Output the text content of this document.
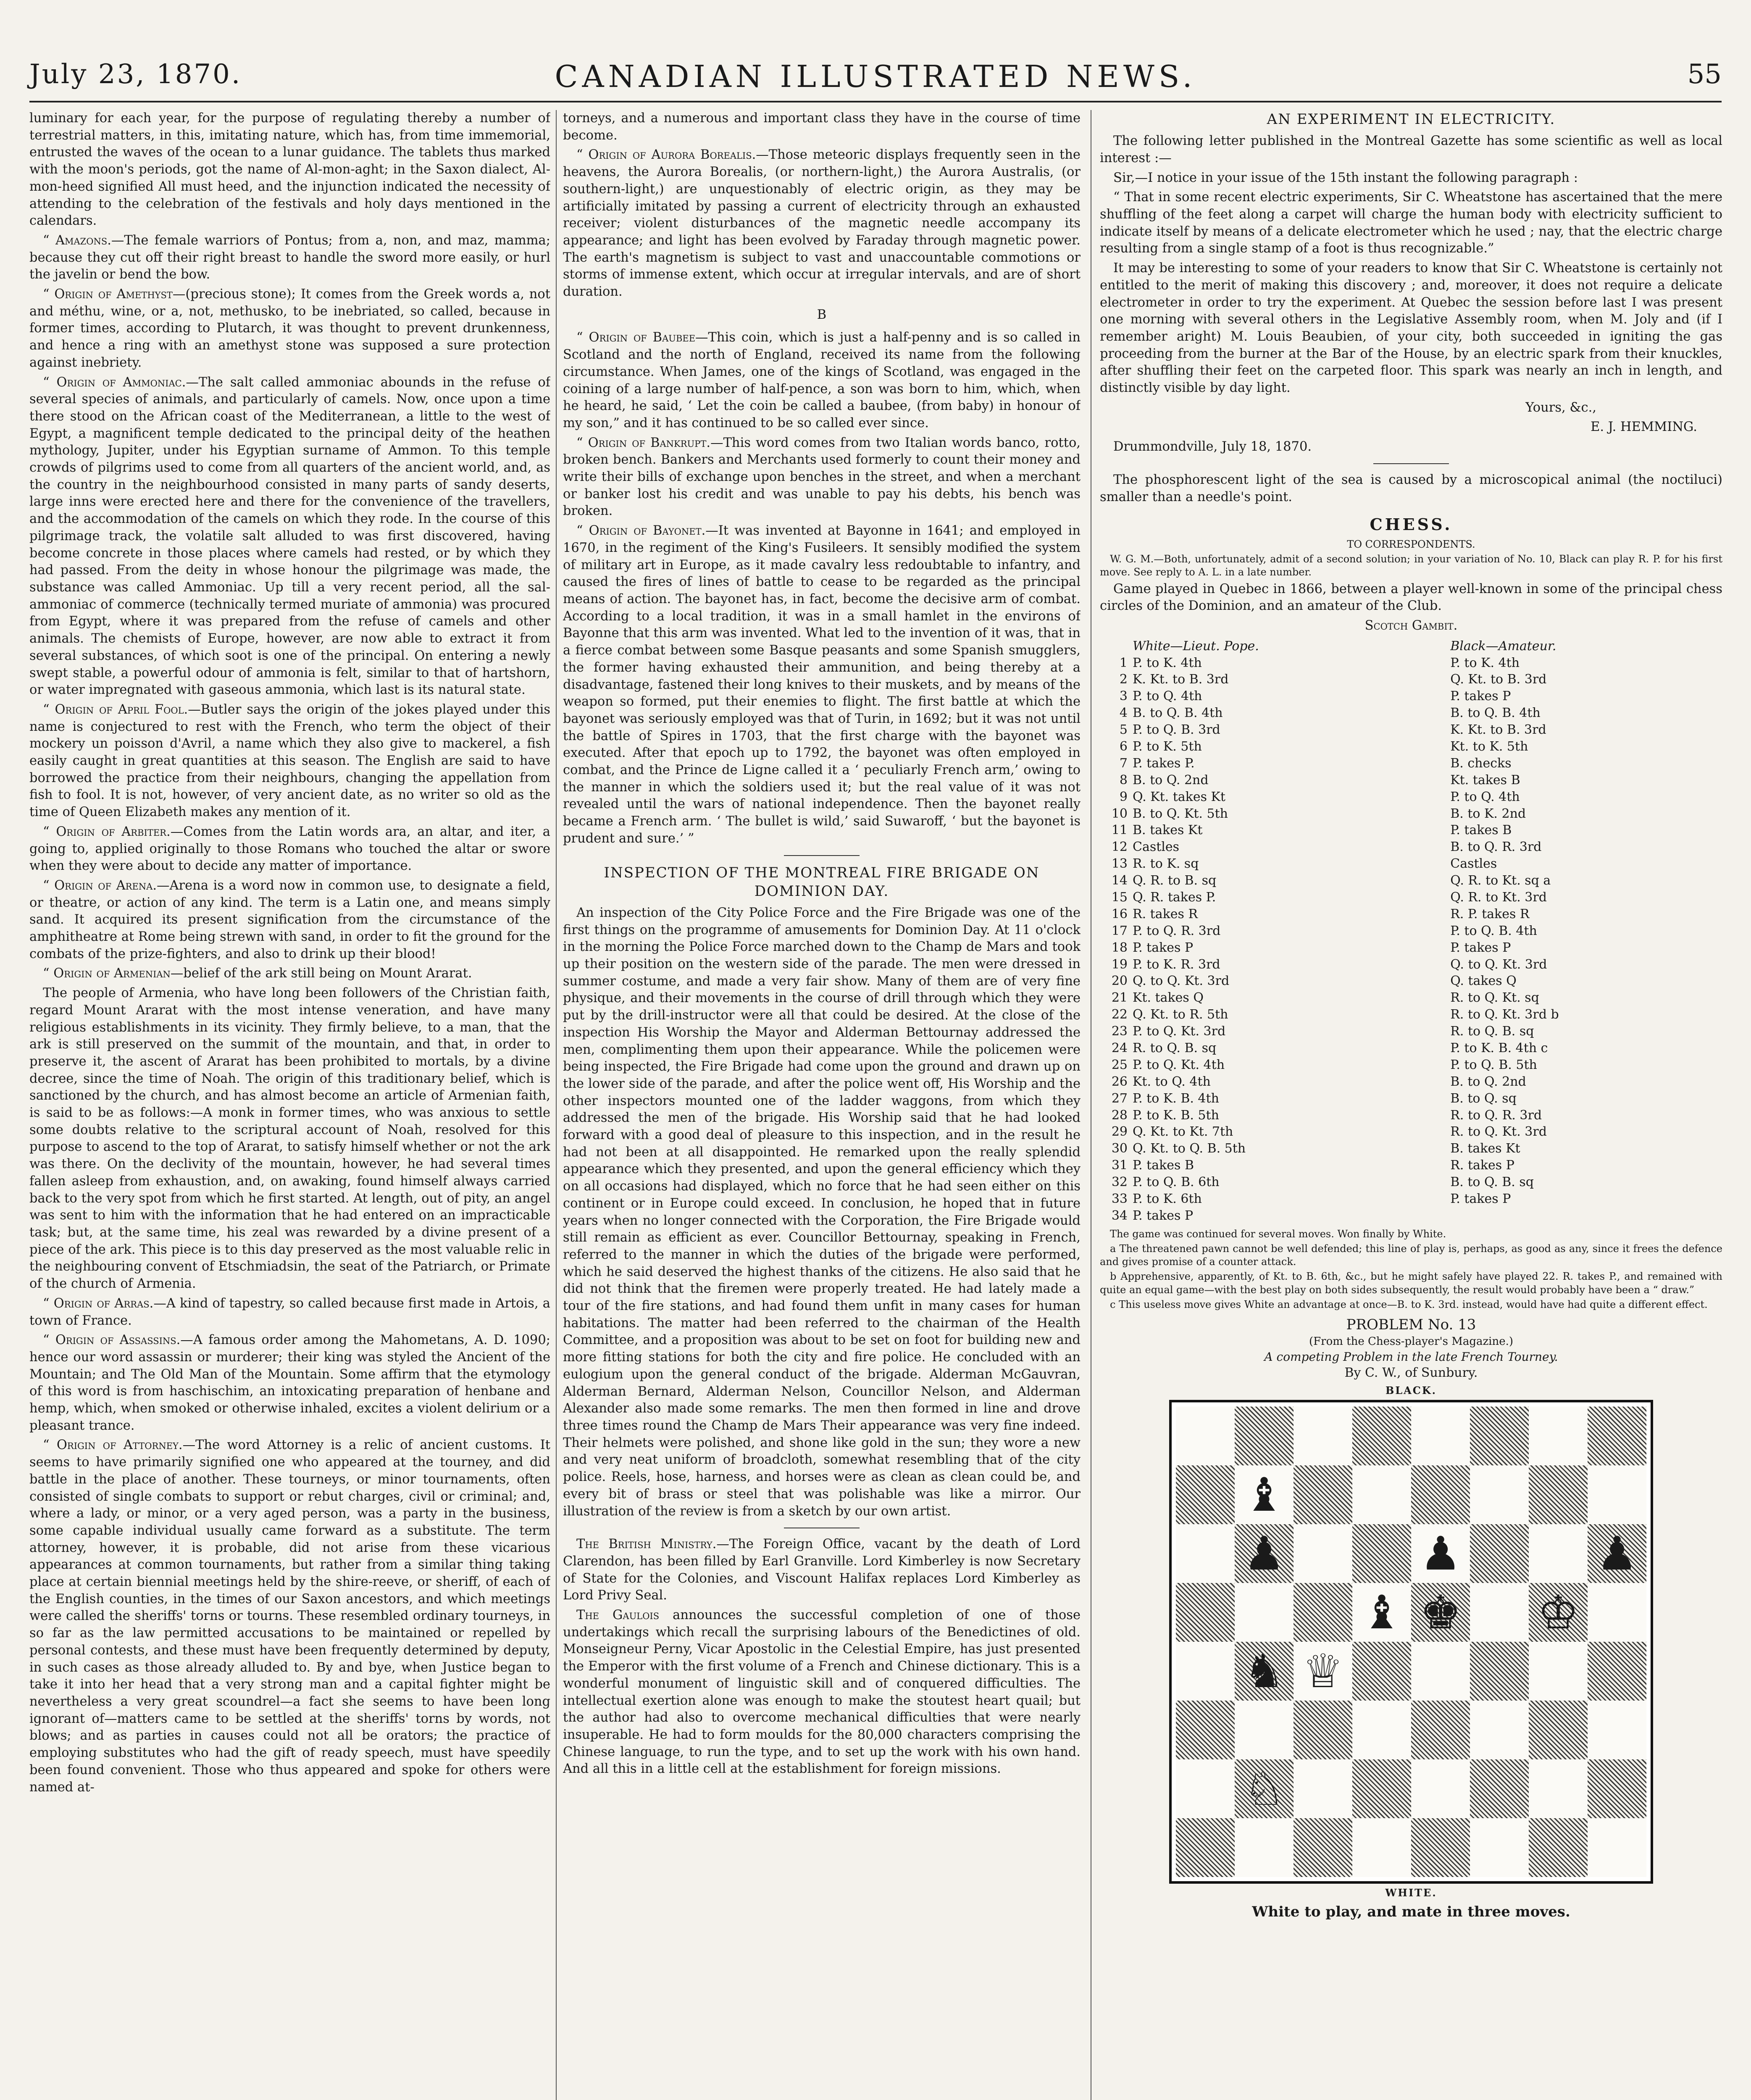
July 23, 1870.	CANADIAN ILLUSTRATED NEWS.	55

luminary for each year, for the purpose of regulating thereby a number of terrestrial matters, in this, imitating nature, which has, from time immemorial, entrusted the waves of the ocean to a lunar guidance. The tablets thus marked with the moon's periods, got the name of Al-mon-aght; in the Saxon dialect, Al-mon-heed signified All must heed, and the injunction indicated the necessity of attending to the celebration of the festivals and holy days mentioned in the calendars.

“ Amazons.—The female warriors of Pontus; from a, non, and maz, mamma; because they cut off their right breast to handle the sword more easily, or hurl the javelin or bend the bow.

“ Origin of Amethyst—(precious stone); It comes from the Greek words a, not and méthu, wine, or a, not, methusko, to be inebriated, so called, because in former times, according to Plutarch, it was thought to prevent drunkenness, and hence a ring with an amethyst stone was supposed a sure protection against inebriety.

“ Origin of Ammoniac.—The salt called ammoniac abounds in the refuse of several species of animals, and particularly of camels. Now, once upon a time there stood on the African coast of the Mediterranean, a little to the west of Egypt, a magnificent temple dedicated to the principal deity of the heathen mythology, Jupiter, under his Egyptian surname of Ammon. To this temple crowds of pilgrims used to come from all quarters of the ancient world, and, as the country in the neighbourhood consisted in many parts of sandy deserts, large inns were erected here and there for the convenience of the travellers, and the accommodation of the camels on which they rode. In the course of this pilgrimage track, the volatile salt alluded to was first discovered, having become concrete in those places where camels had rested, or by which they had passed. From the deity in whose honour the pilgrimage was made, the substance was called Ammoniac. Up till a very recent period, all the sal-ammoniac of commerce (technically termed muriate of ammonia) was procured from Egypt, where it was prepared from the refuse of camels and other animals. The chemists of Europe, however, are now able to extract it from several substances, of which soot is one of the principal. On entering a newly swept stable, a powerful odour of ammonia is felt, similar to that of hartshorn, or water impregnated with gaseous ammonia, which last is its natural state.

“ Origin of April Fool.—Butler says the origin of the jokes played under this name is conjectured to rest with the French, who term the object of their mockery un poisson d'Avril, a name which they also give to mackerel, a fish easily caught in great quantities at this season. The English are said to have borrowed the practice from their neighbours, changing the appellation from fish to fool. It is not, however, of very ancient date, as no writer so old as the time of Queen Elizabeth makes any mention of it.

“ Origin of Arbiter.—Comes from the Latin words ara, an altar, and iter, a going to, applied originally to those Romans who touched the altar or swore when they were about to decide any matter of importance.

“ Origin of Arena.—Arena is a word now in common use, to designate a field, or theatre, or action of any kind. The term is a Latin one, and means simply sand. It acquired its present signification from the circumstance of the amphitheatre at Rome being strewn with sand, in order to fit the ground for the combats of the prize-fighters, and also to drink up their blood!

“ Origin of Armenian—belief of the ark still being on Mount Ararat.

The people of Armenia, who have long been followers of the Christian faith, regard Mount Ararat with the most intense veneration, and have many religious establishments in its vicinity. They firmly believe, to a man, that the ark is still preserved on the summit of the mountain, and that, in order to preserve it, the ascent of Ararat has been prohibited to mortals, by a divine decree, since the time of Noah. The origin of this traditionary belief, which is sanctioned by the church, and has almost become an article of Armenian faith, is said to be as follows:—A monk in former times, who was anxious to settle some doubts relative to the scriptural account of Noah, resolved for this purpose to ascend to the top of Ararat, to satisfy himself whether or not the ark was there. On the declivity of the mountain, however, he had several times fallen asleep from exhaustion, and, on awaking, found himself always carried back to the very spot from which he first started. At length, out of pity, an angel was sent to him with the information that he had entered on an impracticable task; but, at the same time, his zeal was rewarded by a divine present of a piece of the ark. This piece is to this day preserved as the most valuable relic in the neighbouring convent of Etschmiadsin, the seat of the Patriarch, or Primate of the church of Armenia.

“ Origin of Arras.—A kind of tapestry, so called because first made in Artois, a town of France.

“ Origin of Assassins.—A famous order among the Mahometans, A. D. 1090; hence our word assassin or murderer; their king was styled the Ancient of the Mountain; and The Old Man of the Mountain. Some affirm that the etymology of this word is from haschischim, an intoxicating preparation of henbane and hemp, which, when smoked or otherwise inhaled, excites a violent delirium or a pleasant trance.

“ Origin of Attorney.—The word Attorney is a relic of ancient customs. It seems to have primarily signified one who appeared at the tourney, and did battle in the place of another. These tourneys, or minor tournaments, often consisted of single combats to support or rebut charges, civil or criminal; and, where a lady, or minor, or a very aged person, was a party in the business, some capable individual usually came forward as a substitute. The term attorney, however, it is probable, did not arise from these vicarious appearances at common tournaments, but rather from a similar thing taking place at certain biennial meetings held by the shire-reeve, or sheriff, of each of the English counties, in the times of our Saxon ancestors, and which meetings were called the sheriffs' torns or tourns. These resembled ordinary tourneys, in so far as the law permitted accusations to be maintained or repelled by personal contests, and these must have been frequently determined by deputy, in such cases as those already alluded to. By and bye, when Justice began to take it into her head that a very strong man and a capital fighter might be nevertheless a very great scoundrel—a fact she seems to have been long ignorant of—matters came to be settled at the sheriffs' torns by words, not blows; and as parties in causes could not all be orators; the practice of employing substitutes who had the gift of ready speech, must have speedily been found convenient. Those who thus appeared and spoke for others were named at-

torneys, and a numerous and important class they have in the course of time become.

“ Origin of Aurora Borealis.—Those meteoric displays frequently seen in the heavens, the Aurora Borealis, (or northern-light,) the Aurora Australis, (or southern-light,) are unquestionably of electric origin, as they may be artificially imitated by passing a current of electricity through an exhausted receiver; violent disturbances of the magnetic needle accompany its appearance; and light has been evolved by Faraday through magnetic power. The earth's magnetism is subject to vast and unaccountable commotions or storms of immense extent, which occur at irregular intervals, and are of short duration.

B

“ Origin of Baubee—This coin, which is just a half-penny and is so called in Scotland and the north of England, received its name from the following circumstance. When James, one of the kings of Scotland, was engaged in the coining of a large number of half-pence, a son was born to him, which, when he heard, he said, ‘ Let the coin be called a baubee, (from baby) in honour of my son,” and it has continued to be so called ever since.

“ Origin of Bankrupt.—This word comes from two Italian words banco, rotto, broken bench. Bankers and Merchants used formerly to count their money and write their bills of exchange upon benches in the street, and when a merchant or banker lost his credit and was unable to pay his debts, his bench was broken.

“ Origin of Bayonet.—It was invented at Bayonne in 1641; and employed in 1670, in the regiment of the King's Fusileers. It sensibly modified the system of military art in Europe, as it made cavalry less redoubtable to infantry, and caused the fires of lines of battle to cease to be regarded as the principal means of action. The bayonet has, in fact, become the decisive arm of combat. According to a local tradition, it was in a small hamlet in the environs of Bayonne that this arm was invented. What led to the invention of it was, that in a fierce combat between some Basque peasants and some Spanish smugglers, the former having exhausted their ammunition, and being thereby at a disadvantage, fastened their long knives to their muskets, and by means of the weapon so formed, put their enemies to flight. The first battle at which the bayonet was seriously employed was that of Turin, in 1692; but it was not until the battle of Spires in 1703, that the first charge with the bayonet was executed. After that epoch up to 1792, the bayonet was often employed in combat, and the Prince de Ligne called it a ‘ peculiarly French arm,’ owing to the manner in which the soldiers used it; but the real value of it was not revealed until the wars of national independence. Then the bayonet really became a French arm. ‘ The bullet is wild,’ said Suwaroff, ‘ but the bayonet is prudent and sure.’ ”

INSPECTION OF THE MONTREAL FIRE BRIGADE ON DOMINION DAY.

An inspection of the City Police Force and the Fire Brigade was one of the first things on the programme of amusements for Dominion Day. At 11 o'clock in the morning the Police Force marched down to the Champ de Mars and took up their position on the western side of the parade. The men were dressed in summer costume, and made a very fair show. Many of them are of very fine physique, and their movements in the course of drill through which they were put by the drill-instructor were all that could be desired. At the close of the inspection His Worship the Mayor and Alderman Bettournay addressed the men, complimenting them upon their appearance. While the policemen were being inspected, the Fire Brigade had come upon the ground and drawn up on the lower side of the parade, and after the police went off, His Worship and the other inspectors mounted one of the ladder waggons, from which they addressed the men of the brigade. His Worship said that he had looked forward with a good deal of pleasure to this inspection, and in the result he had not been at all disappointed. He remarked upon the really splendid appearance which they presented, and upon the general efficiency which they on all occasions had displayed, which no force that he had seen either on this continent or in Europe could exceed. In conclusion, he hoped that in future years when no longer connected with the Corporation, the Fire Brigade would still remain as efficient as ever. Councillor Bettournay, speaking in French, referred to the manner in which the duties of the brigade were performed, which he said deserved the highest thanks of the citizens. He also said that he did not think that the firemen were properly treated. He had lately made a tour of the fire stations, and had found them unfit in many cases for human habitations. The matter had been referred to the chairman of the Health Committee, and a proposition was about to be set on foot for building new and more fitting stations for both the city and fire police. He concluded with an eulogium upon the general conduct of the brigade. Alderman McGauvran, Alderman Bernard, Alderman Nelson, Councillor Nelson, and Alderman Alexander also made some remarks. The men then formed in line and drove three times round the Champ de Mars Their appearance was very fine indeed. Their helmets were polished, and shone like gold in the sun; they wore a new and very neat uniform of broadcloth, somewhat resembling that of the city police. Reels, hose, harness, and horses were as clean as clean could be, and every bit of brass or steel that was polishable was like a mirror. Our illustration of the review is from a sketch by our own artist.

The British Ministry.—The Foreign Office, vacant by the death of Lord Clarendon, has been filled by Earl Granville. Lord Kimberley is now Secretary of State for the Colonies, and Viscount Halifax replaces Lord Kimberley as Lord Privy Seal.

The Gaulois announces the successful completion of one of those undertakings which recall the surprising labours of the Benedictines of old. Monseigneur Perny, Vicar Apostolic in the Celestial Empire, has just presented the Emperor with the first volume of a French and Chinese dictionary. This is a wonderful monument of linguistic skill and of conquered difficulties. The intellectual exertion alone was enough to make the stoutest heart quail; but the author had also to overcome mechanical difficulties that were nearly insuperable. He had to form moulds for the 80,000 characters comprising the Chinese language, to run the type, and to set up the work with his own hand. And all this in a little cell at the establishment for foreign missions.

AN EXPERIMENT IN ELECTRICITY.

The following letter published in the Montreal Gazette has some scientific as well as local interest :—

Sir,—I notice in your issue of the 15th instant the following paragraph :

“ That in some recent electric experiments, Sir C. Wheatstone has ascertained that the mere shuffling of the feet along a carpet will charge the human body with electricity sufficient to indicate itself by means of a delicate electrometer which he used ; nay, that the electric charge resulting from a single stamp of a foot is thus recognizable.”

It may be interesting to some of your readers to know that Sir C. Wheatstone is certainly not entitled to the merit of making this discovery ; and, moreover, it does not require a delicate electrometer in order to try the experiment. At Quebec the session before last I was present one morning with several others in the Legislative Assembly room, when M. Joly and (if I remember aright) M. Louis Beaubien, of your city, both succeeded in igniting the gas proceeding from the burner at the Bar of the House, by an electric spark from their knuckles, after shuffling their feet on the carpeted floor. This spark was nearly an inch in length, and distinctly visible by day light.

Yours, &c.,

E. J. HEMMING.

Drummondville, July 18, 1870.

The phosphorescent light of the sea is caused by a microscopical animal (the noctiluci) smaller than a needle's point.

CHESS.

TO CORRESPONDENTS.

W. G. M.—Both, unfortunately, admit of a second solution; in your variation of No. 10, Black can play R. P. for his first move. See reply to A. L. in a late number.

Game played in Quebec in 1866, between a player well-known in some of the principal chess circles of the Dominion, and an amateur of the Club.

Scotch Gambit.

	White—Lieut. Pope.	Black—Amateur.
1	P. to K. 4th	P. to K. 4th
2	K. Kt. to B. 3rd	Q. Kt. to B. 3rd
3	P. to Q. 4th	P. takes P
4	B. to Q. B. 4th	B. to Q. B. 4th
5	P. to Q. B. 3rd	K. Kt. to B. 3rd
6	P. to K. 5th	Kt. to K. 5th
7	P. takes P.	B. checks
8	B. to Q. 2nd	Kt. takes B
9	Q. Kt. takes Kt	P. to Q. 4th
10	B. to Q. Kt. 5th	B. to K. 2nd
11	B. takes Kt	P. takes B
12	Castles	B. to Q. R. 3rd
13	R. to K. sq	Castles
14	Q. R. to B. sq	Q. R. to Kt. sq a
15	Q. R. takes P.	Q. R. to Kt. 3rd
16	R. takes R	R. P. takes R
17	P. to Q. R. 3rd	P. to Q. B. 4th
18	P. takes P	P. takes P
19	P. to K. R. 3rd	Q. to Q. Kt. 3rd
20	Q. to Q. Kt. 3rd	Q. takes Q
21	Kt. takes Q	R. to Q. Kt. sq
22	Q. Kt. to R. 5th	R. to Q. Kt. 3rd b
23	P. to Q. Kt. 3rd	R. to Q. B. sq
24	R. to Q. B. sq	P. to K. B. 4th c
25	P. to Q. Kt. 4th	P. to Q. B. 5th
26	Kt. to Q. 4th	B. to Q. 2nd
27	P. to K. B. 4th	B. to Q. sq
28	P. to K. B. 5th	R. to Q. R. 3rd
29	Q. Kt. to Kt. 7th	R. to Q. Kt. 3rd
30	Q. Kt. to Q. B. 5th	B. takes Kt
31	P. takes B	R. takes P
32	P. to Q. B. 6th	B. to Q. B. sq
33	P. to K. 6th	P. takes P
34	P. takes P	

The game was continued for several moves. Won finally by White.

a The threatened pawn cannot be well defended; this line of play is, perhaps, as good as any, since it frees the defence and gives promise of a counter attack.

b Apprehensive, apparently, of Kt. to B. 6th, &c., but he might safely have played 22. R. takes P., and remained with quite an equal game—with the best play on both sides subsequently, the result would probably have been a “ draw.”

c This useless move gives White an advantage at once—B. to K. 3rd. instead, would have had quite a different effect.

PROBLEM No. 13
(From the Chess-player's Magazine.)
A competing Problem in the late French Tourney.
By C. W., of Sunbury.
BLACK.
♝
♟	♟	♟
♝ ♚ ♔
♞ ♕
♘
WHITE.
White to play, and mate in three moves.
